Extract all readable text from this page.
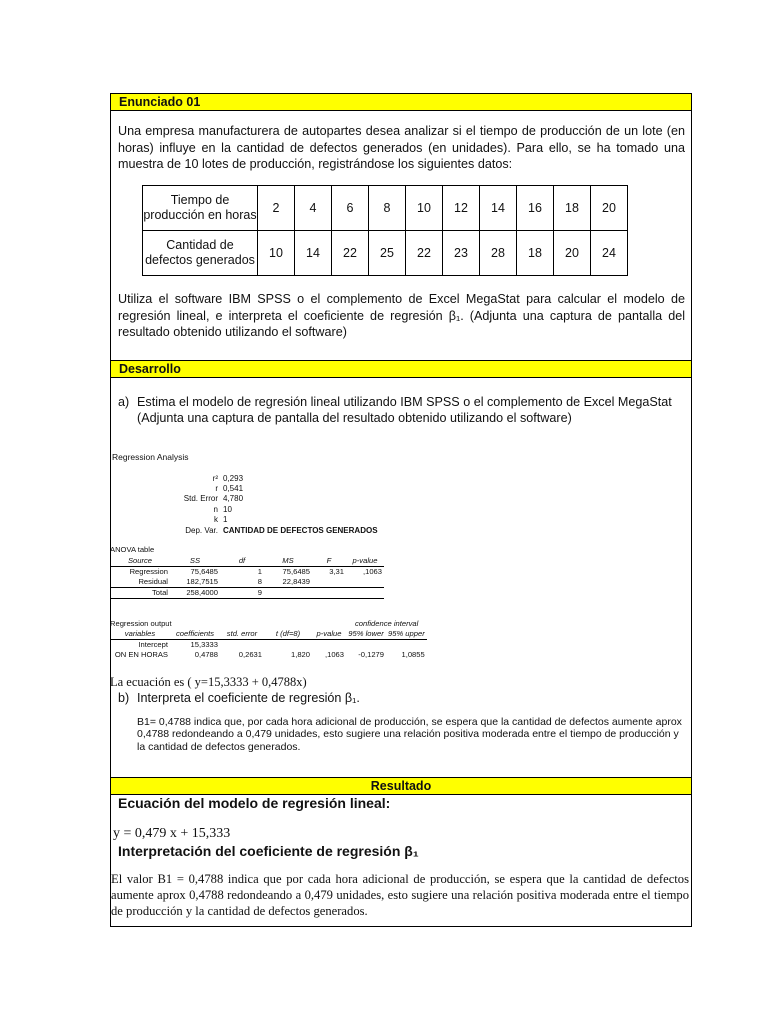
Enunciado 01

Una empresa manufacturera de autopartes desea analizar si el tiempo de producción de un lote (en horas) influye en la cantidad de defectos generados (en unidades). Para ello, se ha tomado una muestra de 10 lotes de producción, registrándose los siguientes datos:

Tiempo de producción en horas	2	4	6	8	10	12	14	16	18	20
Cantidad de defectos generados	10	14	22	25	22	23	28	18	20	24

Utiliza el software IBM SPSS o el complemento de Excel MegaStat para calcular el modelo de regresión lineal, e interpreta el coeficiente de regresión β₁. (Adjunta una captura de pantalla del resultado obtenido utilizando el software)

Desarrollo
a) Estima el modelo de regresión lineal utilizando IBM SPSS o el complemento de Excel MegaStat (Adjunta una captura de pantalla del resultado obtenido utilizando el software)
Regression Analysis
r² 0,293
r 0,541
Std. Error 4,780
n 10
k 1
Dep. Var. CANTIDAD DE DEFECTOS GENERADOS
ANOVA table
Source	SS	df	MS	F	p-value
Regression	75,6485	1	75,6485	3,31	,1063
Residual	182,7515	8	22,8439		
Total	258,4000	9			
Regression output	confidence interval
variables	coefficients	std. error	t (df=8)	p-value	95% lower	95% upper
Intercept	15,3333					
ON EN HORAS	0,4788	0,2631	1,820	,1063	-0,1279	1,0855
La ecuación es ( y=15,3333 + 0,4788x)
b) Interpreta el coeficiente de regresión β₁.

B1= 0,4788 indica que, por cada hora adicional de producción, se espera que la cantidad de defectos aumente aprox 0,4788 redondeando a 0,479 unidades, esto sugiere una relación positiva moderada entre el tiempo de producción y la cantidad de defectos generados.

Resultado
Ecuación del modelo de regresión lineal:
y = 0,479 x + 15,333
Interpretación del coeficiente de regresión β₁

El valor B1 = 0,4788 indica que por cada hora adicional de producción, se espera que la cantidad de defectos aumente aprox 0,4788 redondeando a 0,479 unidades, esto sugiere una relación positiva moderada entre el tiempo de producción y la cantidad de defectos generados.
